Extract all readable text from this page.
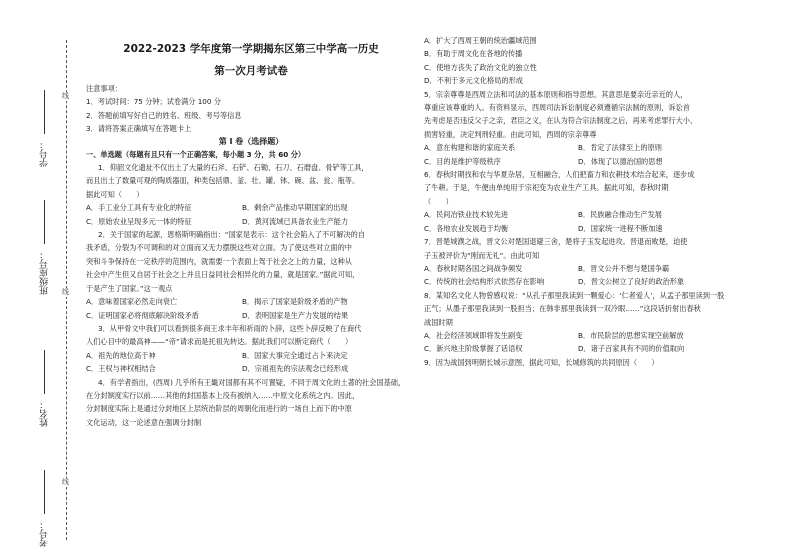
线
线
线
学号：
班级座号：
姓名：
考号：

2022-2023 学年度第一学期揭东区第三中学高一历史

第一次月考试卷

注意事项：

1．考试时间：75 分钟；试卷满分 100 分

2．答题前填写好自己的姓名、班级、考号等信息

3．请将答案正确填写在答题卡上

第 I 卷（选择题）

一、单选题（每题有且只有一个正确答案，每小题 3 分，共 60 分）

1．仰韶文化遗址不仅出土了大量的石斧、石铲、石锄、石刀、石磨盘、骨铲等工具，

而且出土了数量可观的陶质器皿，种类包括鼎、釜、壮、罐、钵、碗、盆、瓮、瓶等。

据此可知（　　）

A．手工业分工具有专业化的特征	B．剩余产品推动早期国家的出现
C．原始农业呈现多元一体的特征	D．黄河流域已具备农业生产能力

2．关于国家的起源，恩格斯明确指出：“国家是表示：这个社会陷入了不可解决的自

我矛盾，分裂为不可调和的对立面而又无力摆脱这些对立面。为了使这些对立面的中

突和斗争保持在一定秩序的范围内，就需要一个表面上驾于社会之上的力量，这种从

社会中产生但又自居于社会之上并且日益同社会相异化的力量，就是国家。”据此可知，

于是产生了国家。”这一观点

A．意味着国家必然走向衰亡	B．揭示了国家是阶级矛盾的产物
C．证明国家必将彻底解决阶级矛盾	D．表明国家是生产力发展的结果

3．从甲骨文中我们可以看到很多商王求丰年和祈雨的卜辞，这些卜辞反映了在商代

人们心目中的最高神——“帝”请求而是托祖先转达。据此我们可以断定商代（　　）

A．祖先的地位高于神	B．国家大事完全通过占卜来决定
C．王权与神权相结合	D．宗祖祖先的宗法观念已经形成

4．有学者指出，(西周) 几乎所有王畿对国都有其不可置疑，不同于周文化的土著的社会国基础，

在分封制度实行以前……其他的封国基本上没有被纳入……中原文化系统之内。因此，

分封制度实际上是通过分封地区上层统治阶层的周朝化而进行的一场自上而下的中原

文化运动，这一论述意在强调分封制

A．扩大了西周王朝的统治疆域范围

B．有助于周文化在各地的传播

C．使地方丧失了政治文化的独立性

D．不利于多元文化格局的形成

5．宗亲尊尊是西周立法和司法的基本原则和指导思想。其意思是要亲近亲近的人，

尊重应该尊重的人。有资料显示，西周司法诉讼制度必须遵循宗法制的原则，诉讼首

先考虑是否违反父子之亲，君臣之义，在认为符合宗法制度之后，再来考虑罪行大小、

损害轻重，决定判刑轻重。由此可知，西周的宗亲尊尊

A．意在构建和谐的家庭关系	B．肯定了法律至上的原则
C．目的是维护等级秩序	D．体现了以德治国的思想

6．春秋时期找和农与华夏杂居，互相融合，人们把畜力和农耕技术结合起来，逐步成

了牛耕。于是，牛便由单纯用于宗祀变为农业生产工具。据此可知，春秋时期

（　　）

A．民间冶铁业技术较先进	B．民族融合推动生产发展
C．各地农业发展趋于均衡	D．国家统一进程不断加速

7．晋楚城濮之战，晋文公对楚国退避三舍，楚将子玉发起进攻。晋退而败楚，迫使

子玉被评价为“刚而无礼”。由此可知

A．春秋时期各国之间战争频发	B．晋文公并不想与楚国争霸
C．传统的社会结构形式依然存在影响	D．晋文公树立了良好的政治形象

8．某知名文化人物曾感叹说：“从孔子那里我读到一颗爱心：‘仁者爱人’，从孟子那里读到一股

正气；从墨子那里我读到一股担当；在韩非那里我读到一双冷眼……”这段话折射出春秋

战国时期

A．社会经济领域即将发生剧变	B．市民阶层的思想实现空前解放
C．新兴地主阶级掌握了话语权	D．诸子百家具有不同的价值取向

9．因为战国到明朝长城示意图，据此可知，长城修筑的共同原因（　　）
